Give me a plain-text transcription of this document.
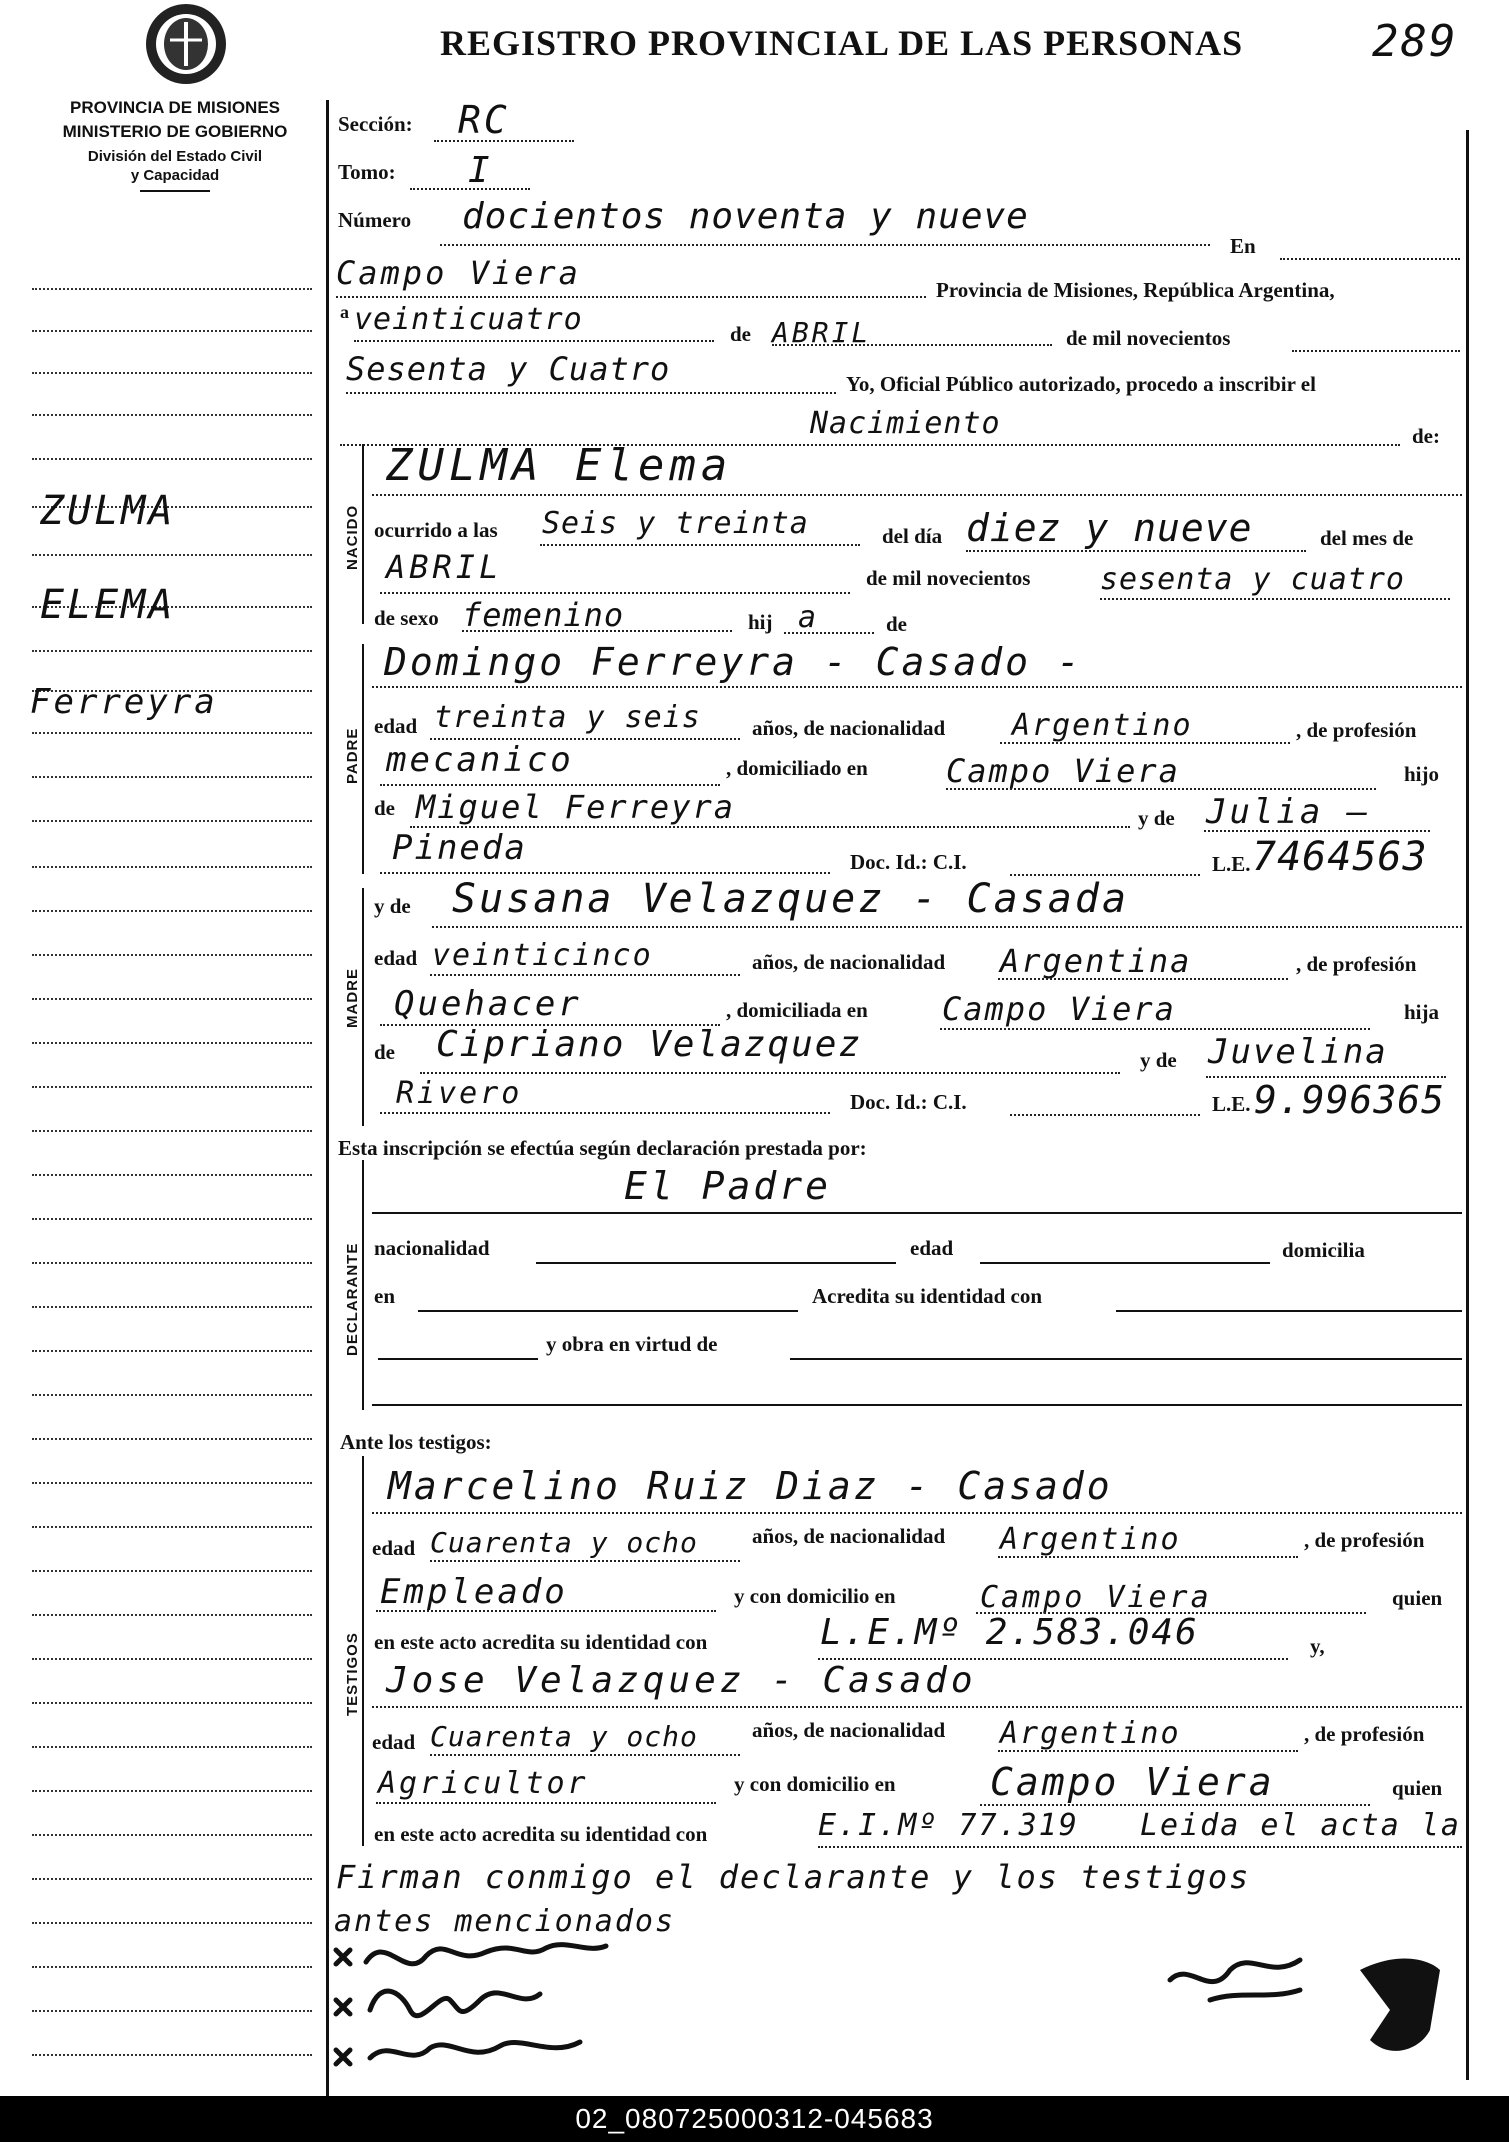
REGISTRO PROVINCIAL DE LAS PERSONAS	289
PROVINCIA DE MISIONES
MINISTERIO DE GOBIERNO
División del Estado Civil
y Capacidad
ZULMA
ELEMA
Ferreyra
Sección: RC
Tomo: I
Número docientos noventa y nueve
En
Campo Viera	Provincia de Misiones, República Argentina,
a veinticuatro	de ABRIL	de mil novecientos
Sesenta y Cuatro	Yo, Oficial Público autorizado, procedo a inscribir el
Nacimiento	de:
NACIDO
ZULMA Elema
ocurrido a las Seis y treinta	del día diez y nueve	del mes de
ABRIL	de mil novecientos sesenta y cuatro
de sexo femenino	hij a	de
PADRE
Domingo Ferreyra - Casado -
edad treinta y seis años, de nacionalidad Argentino	, de profesión
mecanico	, domiciliado en Campo Viera	hijo
de Miguel Ferreyra	y de Julia —
Pineda	Doc. Id.: C.I.	L.E. 7464563
MADRE
y de Susana Velazquez - Casada
edad veinticinco	años, de nacionalidad Argentina	, de profesión
Quehacer	, domiciliada en Campo Viera	hija
de Cipriano Velazquez	y de Juvelina
Rivero	Doc. Id.: C.I.	L.E. 9.996365
Esta inscripción se efectúa según declaración prestada por:
DECLARANTE
El Padre
nacionalidad	edad	domicilia
en	Acredita su identidad con
y obra en virtud de
Ante los testigos:
TESTIGOS
Marcelino Ruiz Diaz - Casado
edad Cuarenta y ocho	años, de nacionalidad Argentino	, de profesión
Empleado	y con domicilio en	Campo Viera	quien
en este acto acredita su identidad con	L.E.Mº 2.583.046	y,
Jose Velazquez - Casado
edad Cuarenta y ocho	años, de nacionalidad Argentino	, de profesión
Agricultor	y con domicilio en Campo Viera	quien
en este acto acredita su identidad con	E.I.Mº 77.319 Leida el acta la
Firman conmigo el declarante y los testigos
antes mencionados
02_080725000312-045683
